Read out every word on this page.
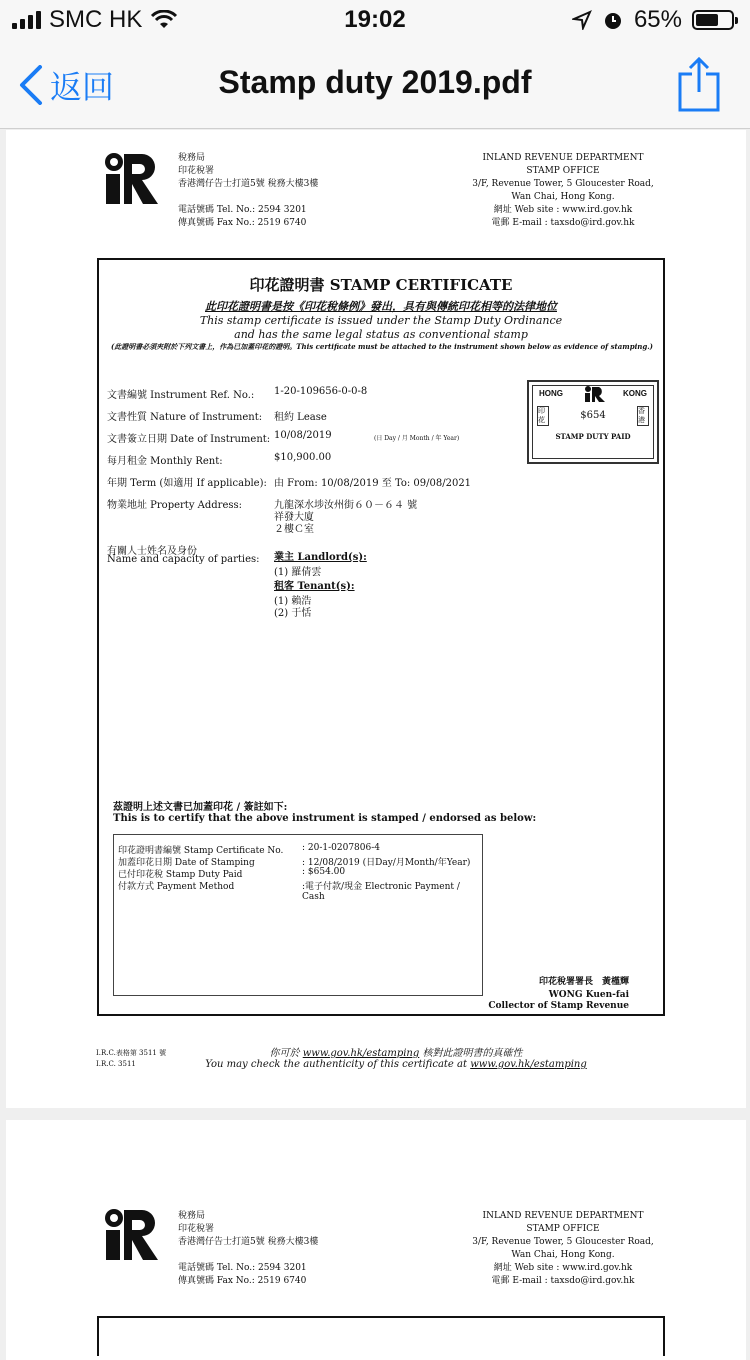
SMC HK	19:02	65%
返回	Stamp duty 2019.pdf
稅務局
印花稅署
香港灣仔告士打道5號 稅務大樓3樓
電話號碼 Tel. No.: 2594 3201
傳真號碼 Fax No.: 2519 6740
INLAND REVENUE DEPARTMENT
STAMP OFFICE
3/F, Revenue Tower, 5 Gloucester Road,
Wan Chai, Hong Kong.
網址 Web site : www.ird.gov.hk
電郵 E-mail : taxsdo@ird.gov.hk
印花證明書 STAMP CERTIFICATE
此印花證明書是按《印花稅條例》發出，具有與傳統印花相等的法律地位
This stamp certificate is issued under the Stamp Duty Ordinance
and has the same legal status as conventional stamp
(此證明書必須夾附於下列文書上，作為已加蓋印花的證明。This certificate must be attached to the instrument shown below as evidence of stamping.)
文書編號 Instrument Ref. No.: 1-20-109656-0-0-8
文書性質 Nature of Instrument: 租約 Lease
文書簽立日期 Date of Instrument: 10/08/2019	(日 Day / 月 Month / 年 Year)
每月租金 Monthly Rent:	$10,900.00
年期 Term (如適用 If applicable): 由 From: 10/08/2019 至 To: 09/08/2021
物業地址 Property Address:	九龍深水埗汝州街６０－６４ 號
祥發大廈
２樓Ｃ室
有關人士姓名及身份
Name and capacity of parties: 業主 Landlord(s):
(1) 羅倩雲
租客 Tenant(s):
(1) 賴浩
(2) 于恬
HONG	KONG
印花
香港
$654
STAMP DUTY PAID
茲證明上述文書已加蓋印花 / 簽註如下:
This is to certify that the above instrument is stamped / endorsed as below:
印花證明書編號 Stamp Certificate No. : 20-1-0207806-4
加蓋印花日期 Date of Stamping	: 12/08/2019 (日Day/月Month/年Year)
已付印花稅 Stamp Duty Paid	: $654.00
付款方式 Payment Method	:電子付款/現金 Electronic Payment / Cash
印花稅署署長　黃槿輝
WONG Kuen-fai
Collector of Stamp Revenue
I.R.C.表格第 3511 號
I.R.C. 3511
你可於 www.gov.hk/estamping 核對此證明書的真確性
You may check the authenticity of this certificate at www.gov.hk/estamping
稅務局
印花稅署
香港灣仔告士打道5號 稅務大樓3樓
電話號碼 Tel. No.: 2594 3201
傳真號碼 Fax No.: 2519 6740
INLAND REVENUE DEPARTMENT
STAMP OFFICE
3/F, Revenue Tower, 5 Gloucester Road,
Wan Chai, Hong Kong.
網址 Web site : www.ird.gov.hk
電郵 E-mail : taxsdo@ird.gov.hk
